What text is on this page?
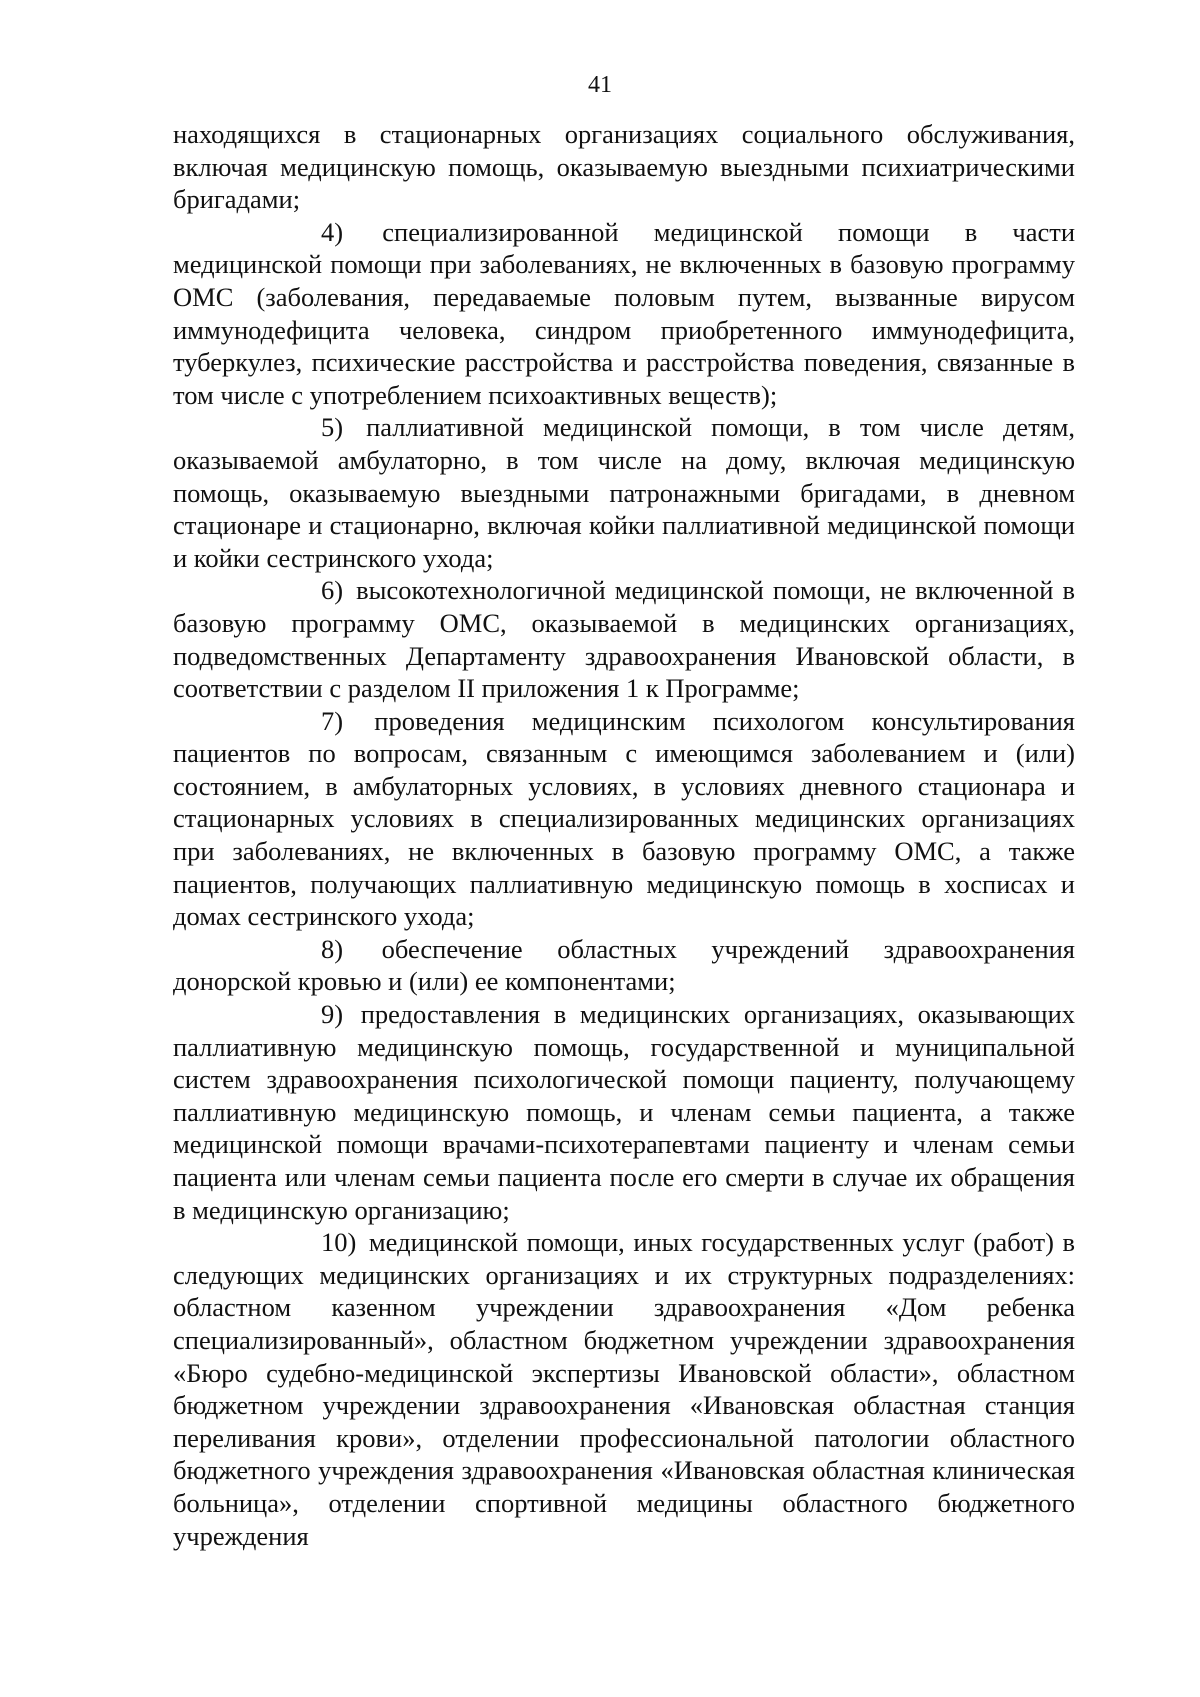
41

находящихся в стационарных организациях социального обслуживания, включая медицинскую помощь, оказываемую выездными психиатрическими бригадами;

4) специализированной медицинской помощи в части медицинской помощи при заболеваниях, не включенных в базовую программу ОМС (заболевания, передаваемые половым путем, вызванные вирусом иммунодефицита человека, синдром приобретенного иммунодефицита, туберкулез, психические расстройства и расстройства поведения, связанные в том числе с употреблением психоактивных веществ);

5) паллиативной медицинской помощи, в том числе детям, оказываемой амбулаторно, в том числе на дому, включая медицинскую помощь, оказываемую выездными патронажными бригадами, в дневном стационаре и стационарно, включая койки паллиативной медицинской помощи и койки сестринского ухода;

6) высокотехнологичной медицинской помощи, не включенной в базовую программу ОМС, оказываемой в медицинских организациях, подведомственных Департаменту здравоохранения Ивановской области, в соответствии с разделом II приложения 1 к Программе;

7) проведения медицинским психологом консультирования пациентов по вопросам, связанным с имеющимся заболеванием и (или) состоянием, в амбулаторных условиях, в условиях дневного стационара и стационарных условиях в специализированных медицинских организациях при заболеваниях, не включенных в базовую программу ОМС, а также пациентов, получающих паллиативную медицинскую помощь в хосписах и домах сестринского ухода;

8) обеспечение областных учреждений здравоохранения донорской кровью и (или) ее компонентами;

9) предоставления в медицинских организациях, оказывающих паллиативную медицинскую помощь, государственной и муниципальной систем здравоохранения психологической помощи пациенту, получающему паллиативную медицинскую помощь, и членам семьи пациента, а также медицинской помощи врачами-психотерапевтами пациенту и членам семьи пациента или членам семьи пациента после его смерти в случае их обращения в медицинскую организацию;

10) медицинской помощи, иных государственных услуг (работ) в следующих медицинских организациях и их структурных подразделениях: областном казенном учреждении здравоохранения «Дом ребенка специализированный», областном бюджетном учреждении здравоохранения «Бюро судебно-медицинской экспертизы Ивановской области», областном бюджетном учреждении здравоохранения «Ивановская областная станция переливания крови», отделении профессиональной патологии областного бюджетного учреждения здравоохранения «Ивановская областная клиническая больница», отделении спортивной медицины областного бюджетного учреждения
